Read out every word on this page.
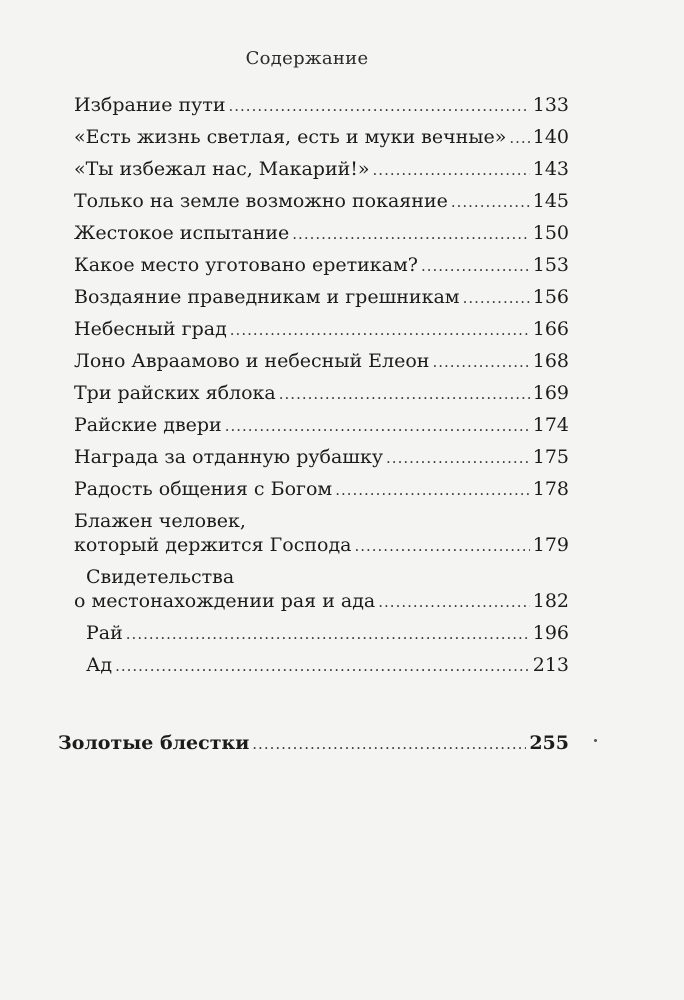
Содержание
Избрание пути .....	133
«Есть жизнь светлая, есть и муки вечные» ..... 140
«Ты избежал нас, Макарий!» .....	143
Только на земле возможно покаяние .....	145
Жестокое испытание .....	150
Какое место уготовано еретикам? .....	153
Воздаяние праведникам и грешникам .....	156
Небесный град .....	166
Лоно Авраамово и небесный Елеон .....	168
Три райских яблока .....	169
Райские двери .....	174
Награда за отданную рубашку .....	175
Радость общения с Богом .....	178
Блажен человек,
который держится Господа .....	179
Свидетельства
о местонахождении рая и ада .....	182
Рай .....	196
Ад .....	213
Золотые блестки .....	255
